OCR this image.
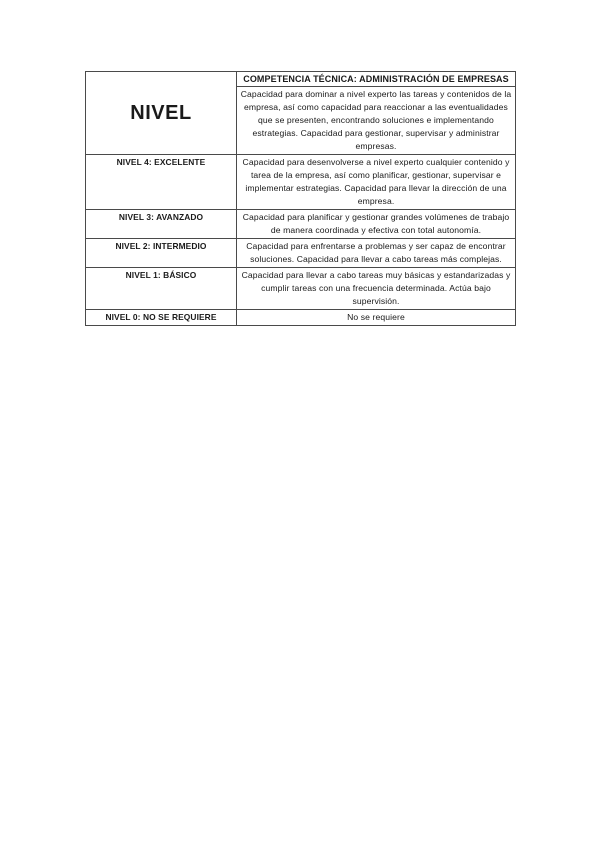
NIVEL	COMPETENCIA TÉCNICA: ADMINISTRACIÓN DE EMPRESAS
	Capacidad para dominar a nivel experto las tareas y contenidos de la empresa, así como capacidad para reaccionar a las eventualidades que se presenten, encontrando soluciones e implementando estrategias. Capacidad para gestionar, supervisar y administrar empresas.
NIVEL 4: EXCELENTE	Capacidad para desenvolverse a nivel experto cualquier contenido y tarea de la empresa, así como planificar, gestionar, supervisar e implementar estrategias. Capacidad para llevar la dirección de una empresa.
NIVEL 3: AVANZADO	Capacidad para planificar y gestionar grandes volúmenes de trabajo de manera coordinada y efectiva con total autonomía.
NIVEL 2: INTERMEDIO	Capacidad para enfrentarse a problemas y ser capaz de encontrar soluciones. Capacidad para llevar a cabo tareas más complejas.
NIVEL 1: BÁSICO	Capacidad para llevar a cabo tareas muy básicas y estandarizadas y cumplir tareas con una frecuencia determinada. Actúa bajo supervisión.
NIVEL 0: NO SE REQUIERE	No se requiere
